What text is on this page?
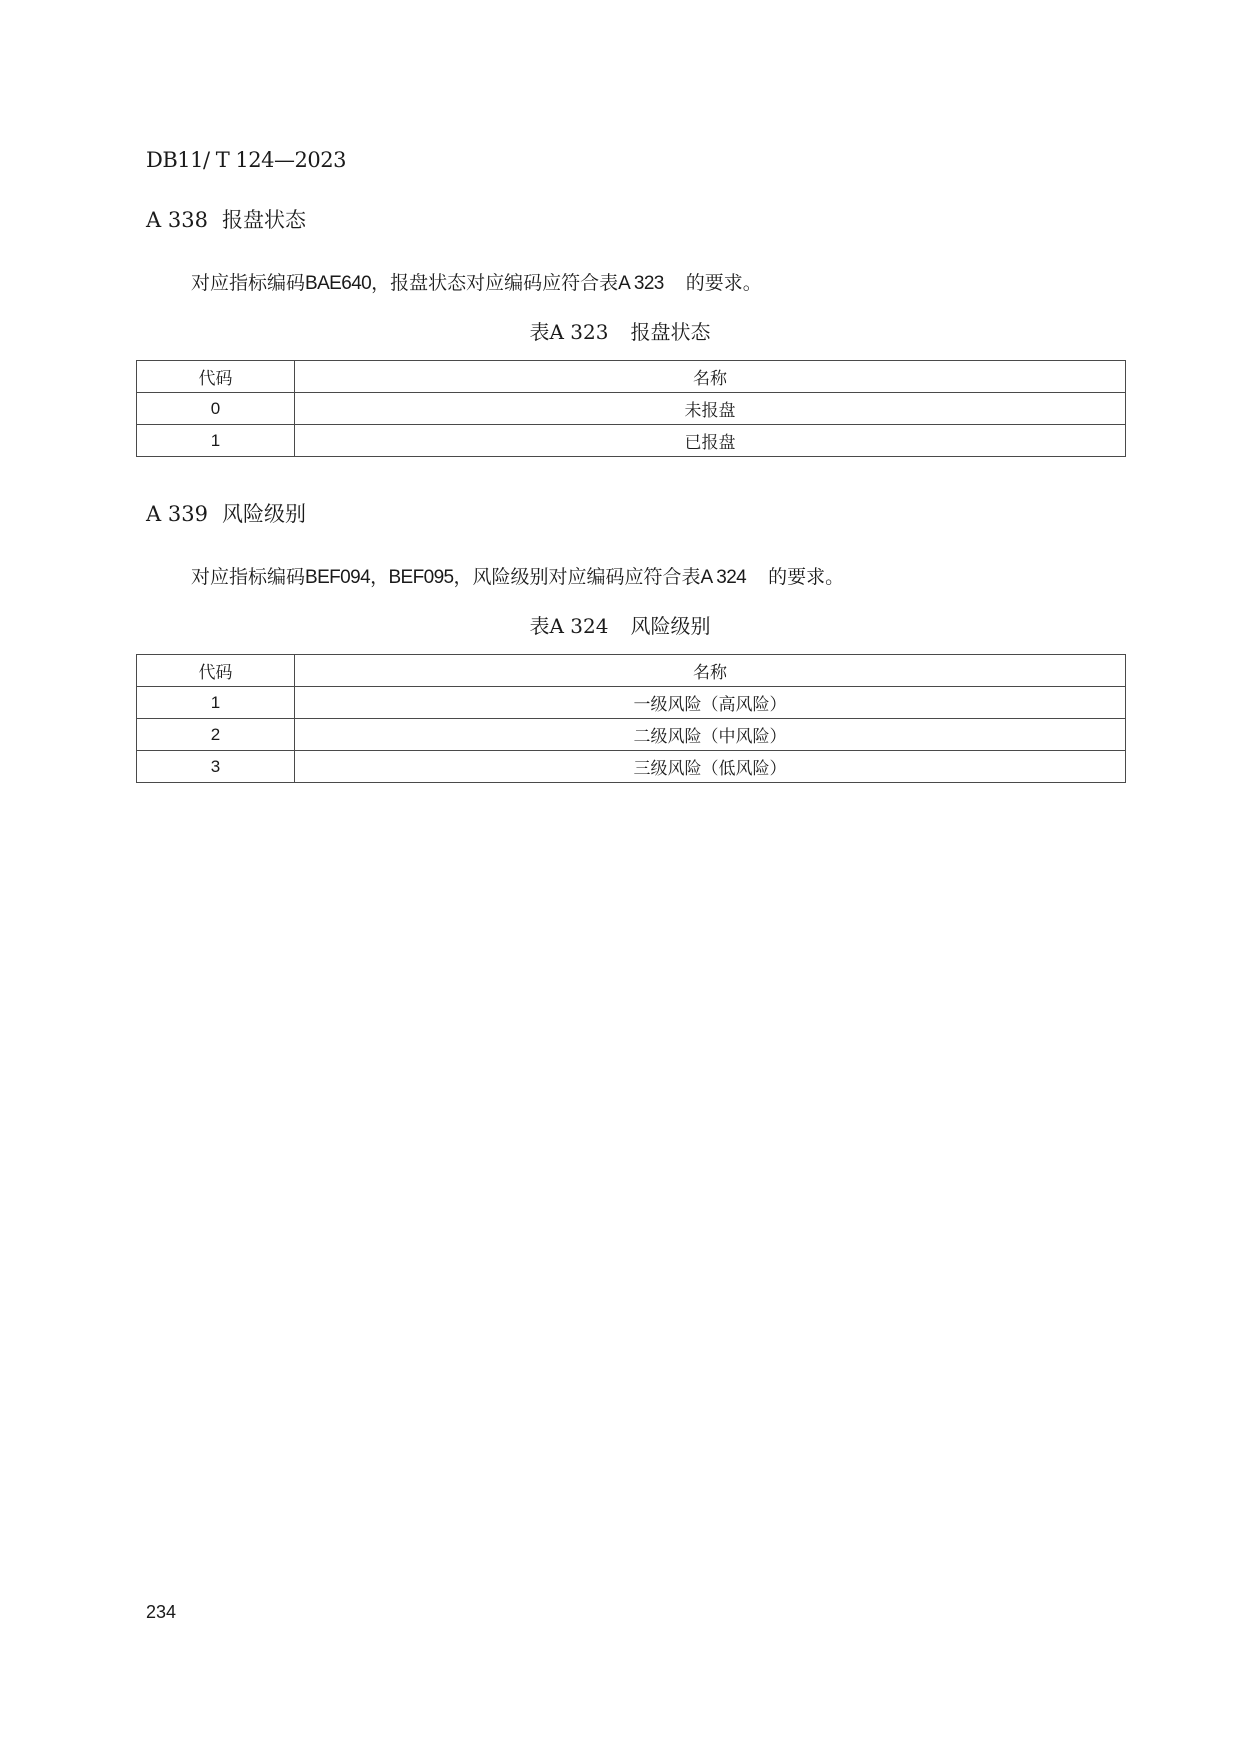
DB11/ T 124—2023
A 338 报盘状态
对应指标编码BAE640，报盘状态对应编码应符合表A 323 的要求。
表A 323 报盘状态
代码	名称
0	未报盘
1	已报盘
A 339 风险级别
对应指标编码BEF094，BEF095，风险级别对应编码应符合表A 324 的要求。
表A 324 风险级别
代码	名称
1	一级风险（高风险）
2	二级风险（中风险）
3	三级风险（低风险）
234
